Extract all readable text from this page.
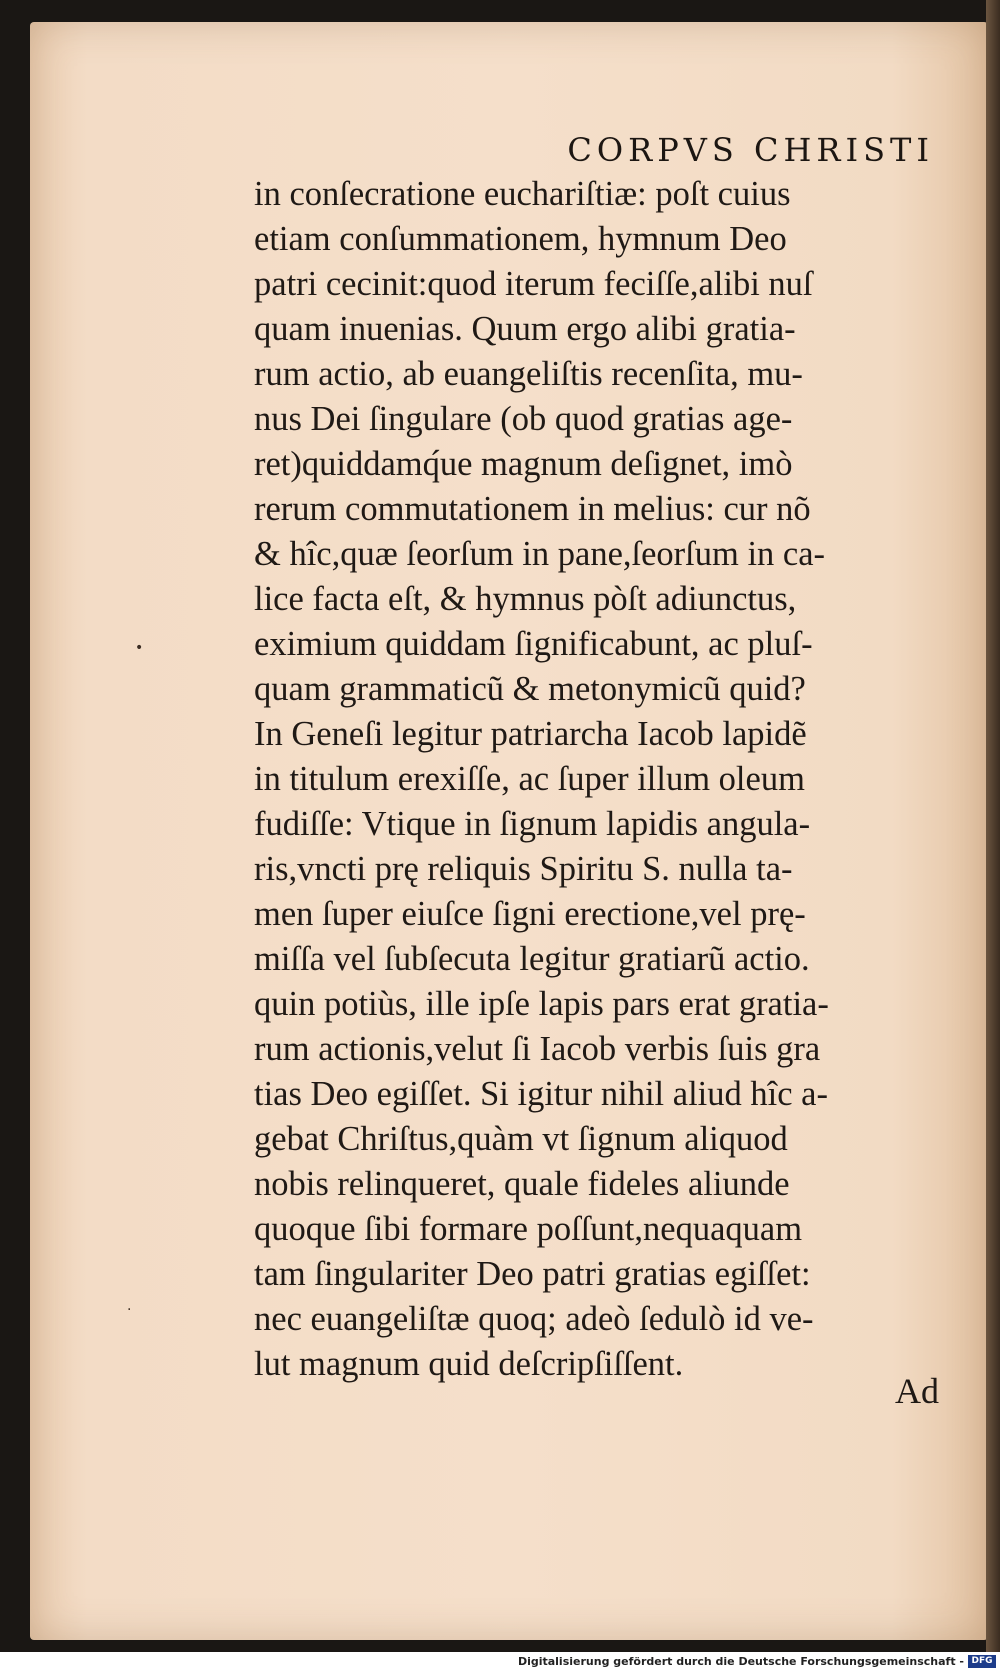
•
·
CORPVS CHRISTI
in conſecratione euchariſtiæ: poſt cuius
etiam conſummationem, hymnum Deo
patri cecinit:quod iterum feciſſe,alibi nuſ
quam inuenias. Quum ergo alibi gratia-
rum actio, ab euangeliſtis recenſita, mu-
nus Dei ſingulare (ob quod gratias age-
ret)quiddamq́ue magnum deſignet, imò
rerum commutationem in melius: cur nõ
& hîc,quæ ſeorſum in pane,ſeorſum in ca-
lice facta eſt, & hymnus pòſt adiunctus,
eximium quiddam ſignificabunt, ac pluſ-
quam grammaticũ & metonymicũ quid?
In Geneſi legitur patriarcha Iacob lapidẽ
in titulum erexiſſe, ac ſuper illum oleum
fudiſſe: Vtique in ſignum lapidis angula-
ris,vncti prę reliquis Spiritu S. nulla ta-
men ſuper eiuſce ſigni erectione,vel prę-
miſſa vel ſubſecuta legitur gratiarũ actio.
quin potiùs, ille ipſe lapis pars erat gratia-
rum actionis,velut ſi Iacob verbis ſuis gra
tias Deo egiſſet. Si igitur nihil aliud hîc a-
gebat Chriſtus,quàm vt ſignum aliquod
nobis relinqueret, quale fideles aliunde
quoque ſibi formare poſſunt,nequaquam
tam ſingulariter Deo patri gratias egiſſet:
nec euangeliſtæ quoq; adeò ſedulò id ve-
lut magnum quid deſcripſiſſent.
Ad
Digitalisierung gefördert durch die Deutsche Forschungsgemeinschaft - DFG
